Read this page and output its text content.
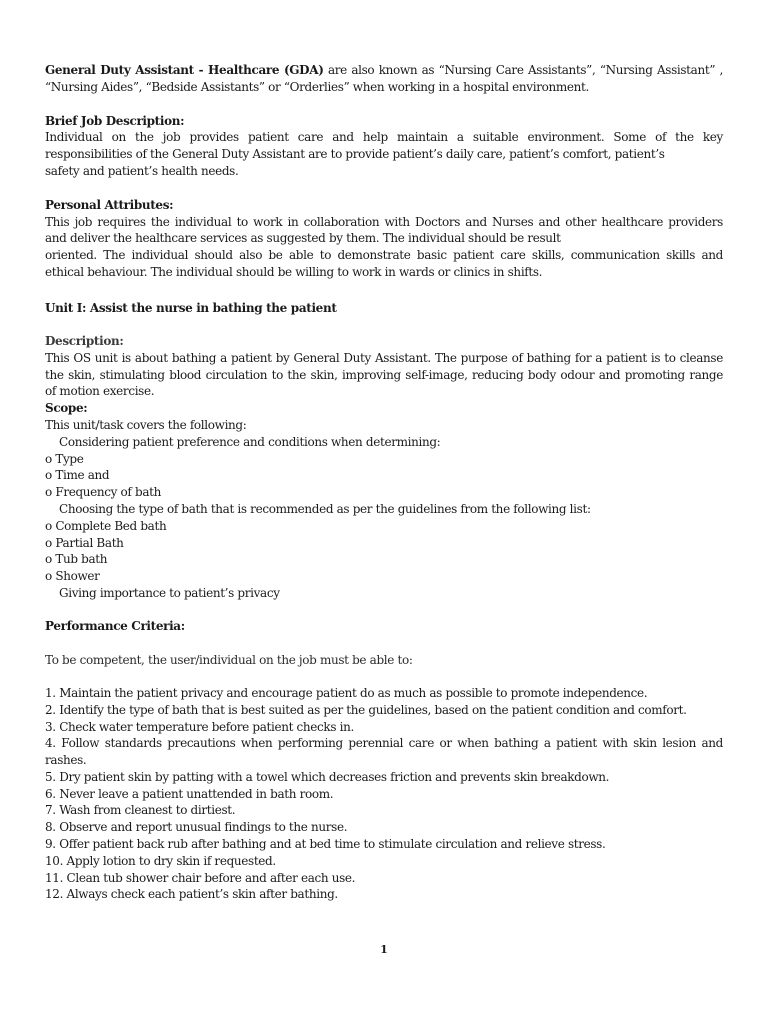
General Duty Assistant - Healthcare (GDA) are also known as “Nursing Care Assistants”, “Nursing Assistant” ,

“Nursing Aides”, “Bedside Assistants” or “Orderlies” when working in a hospital environment.

Brief Job Description:

Individual on the job provides patient care and help maintain a suitable environment. Some of the key

responsibilities of the General Duty Assistant are to provide patient’s daily care, patient’s comfort, patient’s

safety and patient’s health needs.

Personal Attributes:

This job requires the individual to work in collaboration with Doctors and Nurses and other healthcare providers

and deliver the healthcare services as suggested by them. The individual should be result

oriented. The individual should also be able to demonstrate basic patient care skills, communication skills and

ethical behaviour. The individual should be willing to work in wards or clinics in shifts.

Unit I: Assist the nurse in bathing the patient

Description:

This OS unit is about bathing a patient by General Duty Assistant. The purpose of bathing for a patient is to cleanse

the skin, stimulating blood circulation to the skin, improving self-image, reducing body odour and promoting range

of motion exercise.

Scope:

This unit/task covers the following:

Considering patient preference and conditions when determining:

o Type

o Time and

o Frequency of bath

Choosing the type of bath that is recommended as per the guidelines from the following list:

o Complete Bed bath

o Partial Bath

o Tub bath

o Shower

Giving importance to patient’s privacy

Performance Criteria:

To be competent, the user/individual on the job must be able to:

1. Maintain the patient privacy and encourage patient do as much as possible to promote independence.

2. Identify the type of bath that is best suited as per the guidelines, based on the patient condition and comfort.

3. Check water temperature before patient checks in.

4. Follow standards precautions when performing perennial care or when bathing a patient with skin lesion and

rashes.

5. Dry patient skin by patting with a towel which decreases friction and prevents skin breakdown.

6. Never leave a patient unattended in bath room.

7. Wash from cleanest to dirtiest.

8. Observe and report unusual findings to the nurse.

9. Offer patient back rub after bathing and at bed time to stimulate circulation and relieve stress.

10. Apply lotion to dry skin if requested.

11. Clean tub shower chair before and after each use.

12. Always check each patient’s skin after bathing.

1
